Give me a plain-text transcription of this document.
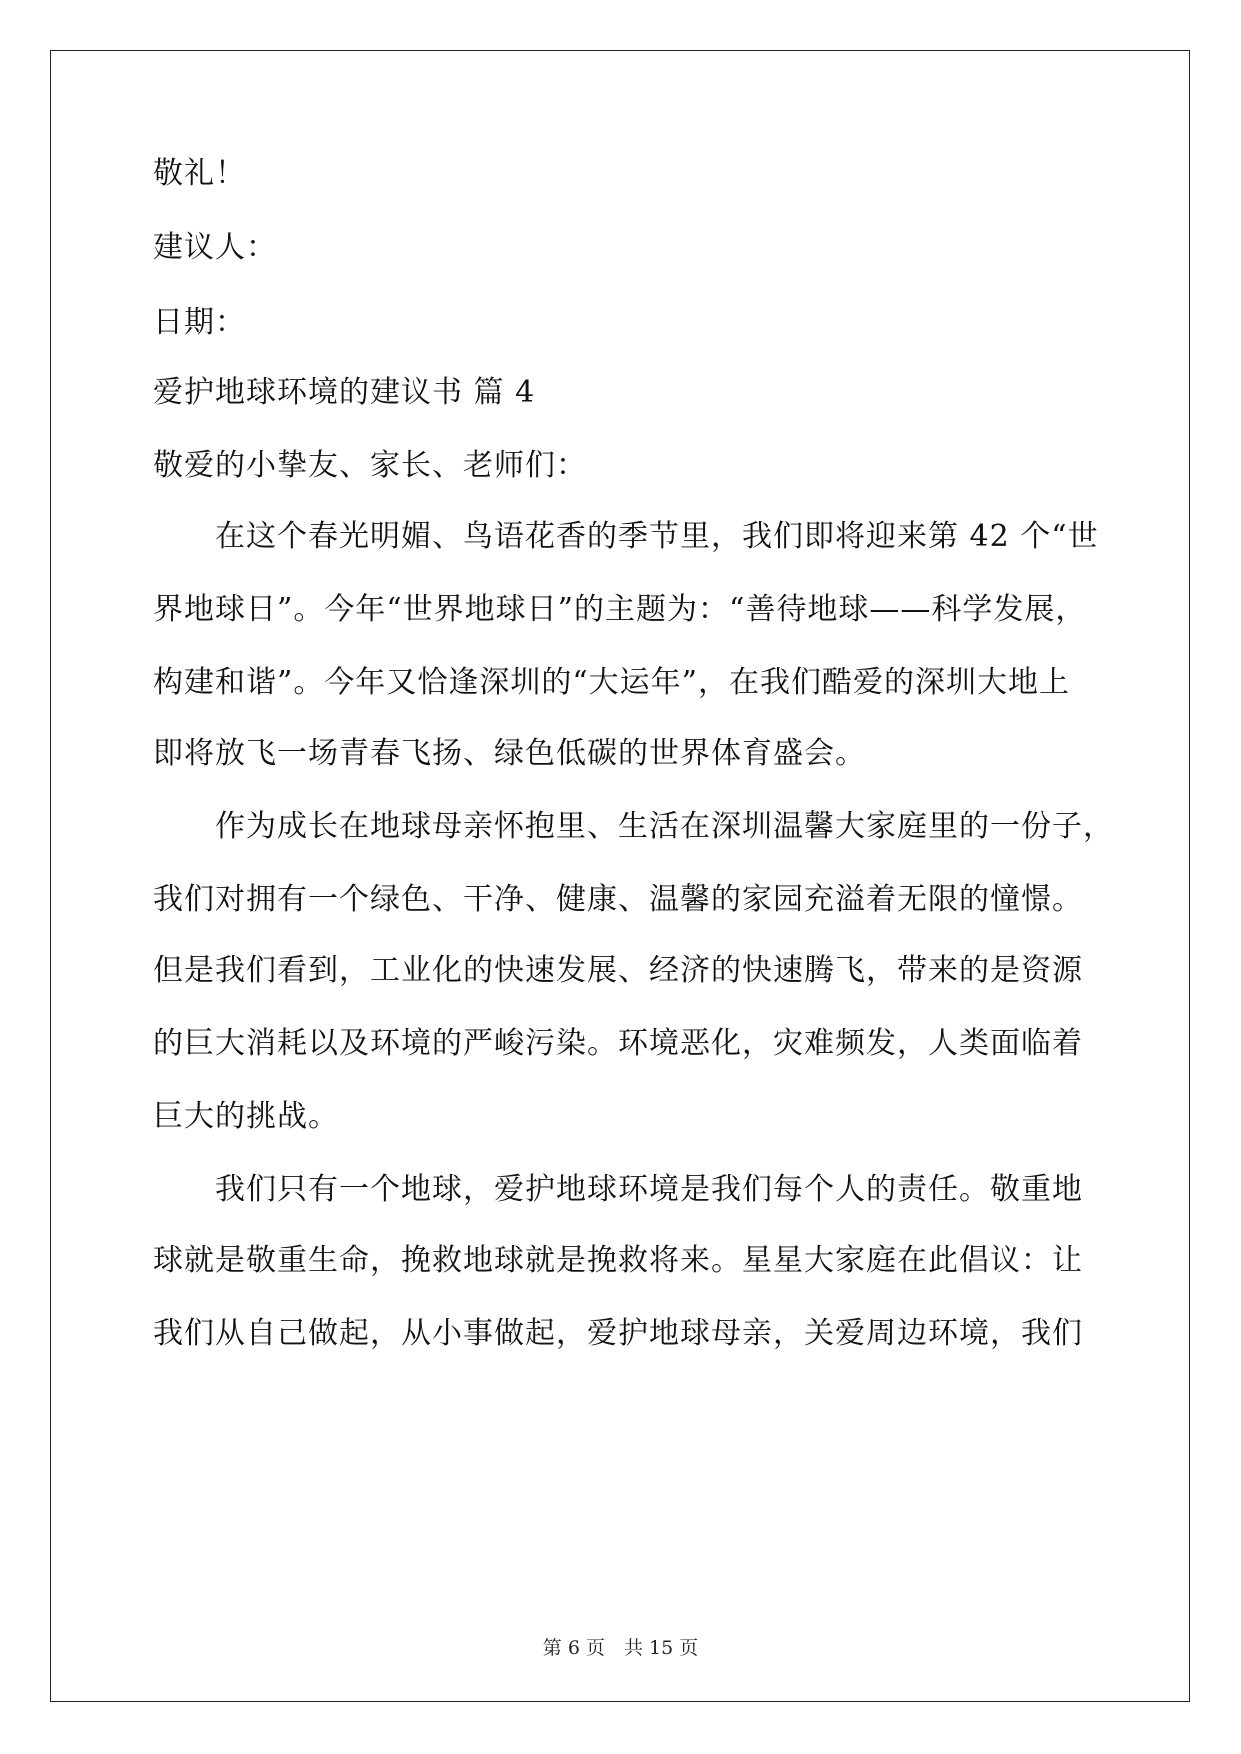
敬礼！
建议人：
日期：
爱护地球环境的建议书 篇 4
敬爱的小挚友、家长、老师们：
在这个春光明媚、鸟语花香的季节里，我们即将迎来第 42 个“世
界地球日”。今年“世界地球日”的主题为：“善待地球——科学发展，
构建和谐”。今年又恰逢深圳的“大运年”，在我们酷爱的深圳大地上
即将放飞一场青春飞扬、绿色低碳的世界体育盛会。
作为成长在地球母亲怀抱里、生活在深圳温馨大家庭里的一份子，
我们对拥有一个绿色、干净、健康、温馨的家园充溢着无限的憧憬。
但是我们看到，工业化的快速发展、经济的快速腾飞，带来的是资源
的巨大消耗以及环境的严峻污染。环境恶化，灾难频发，人类面临着
巨大的挑战。
我们只有一个地球，爱护地球环境是我们每个人的责任。敬重地
球就是敬重生命，挽救地球就是挽救将来。星星大家庭在此倡议：让
我们从自己做起，从小事做起，爱护地球母亲，关爱周边环境，我们
第 6 页　共 15 页
